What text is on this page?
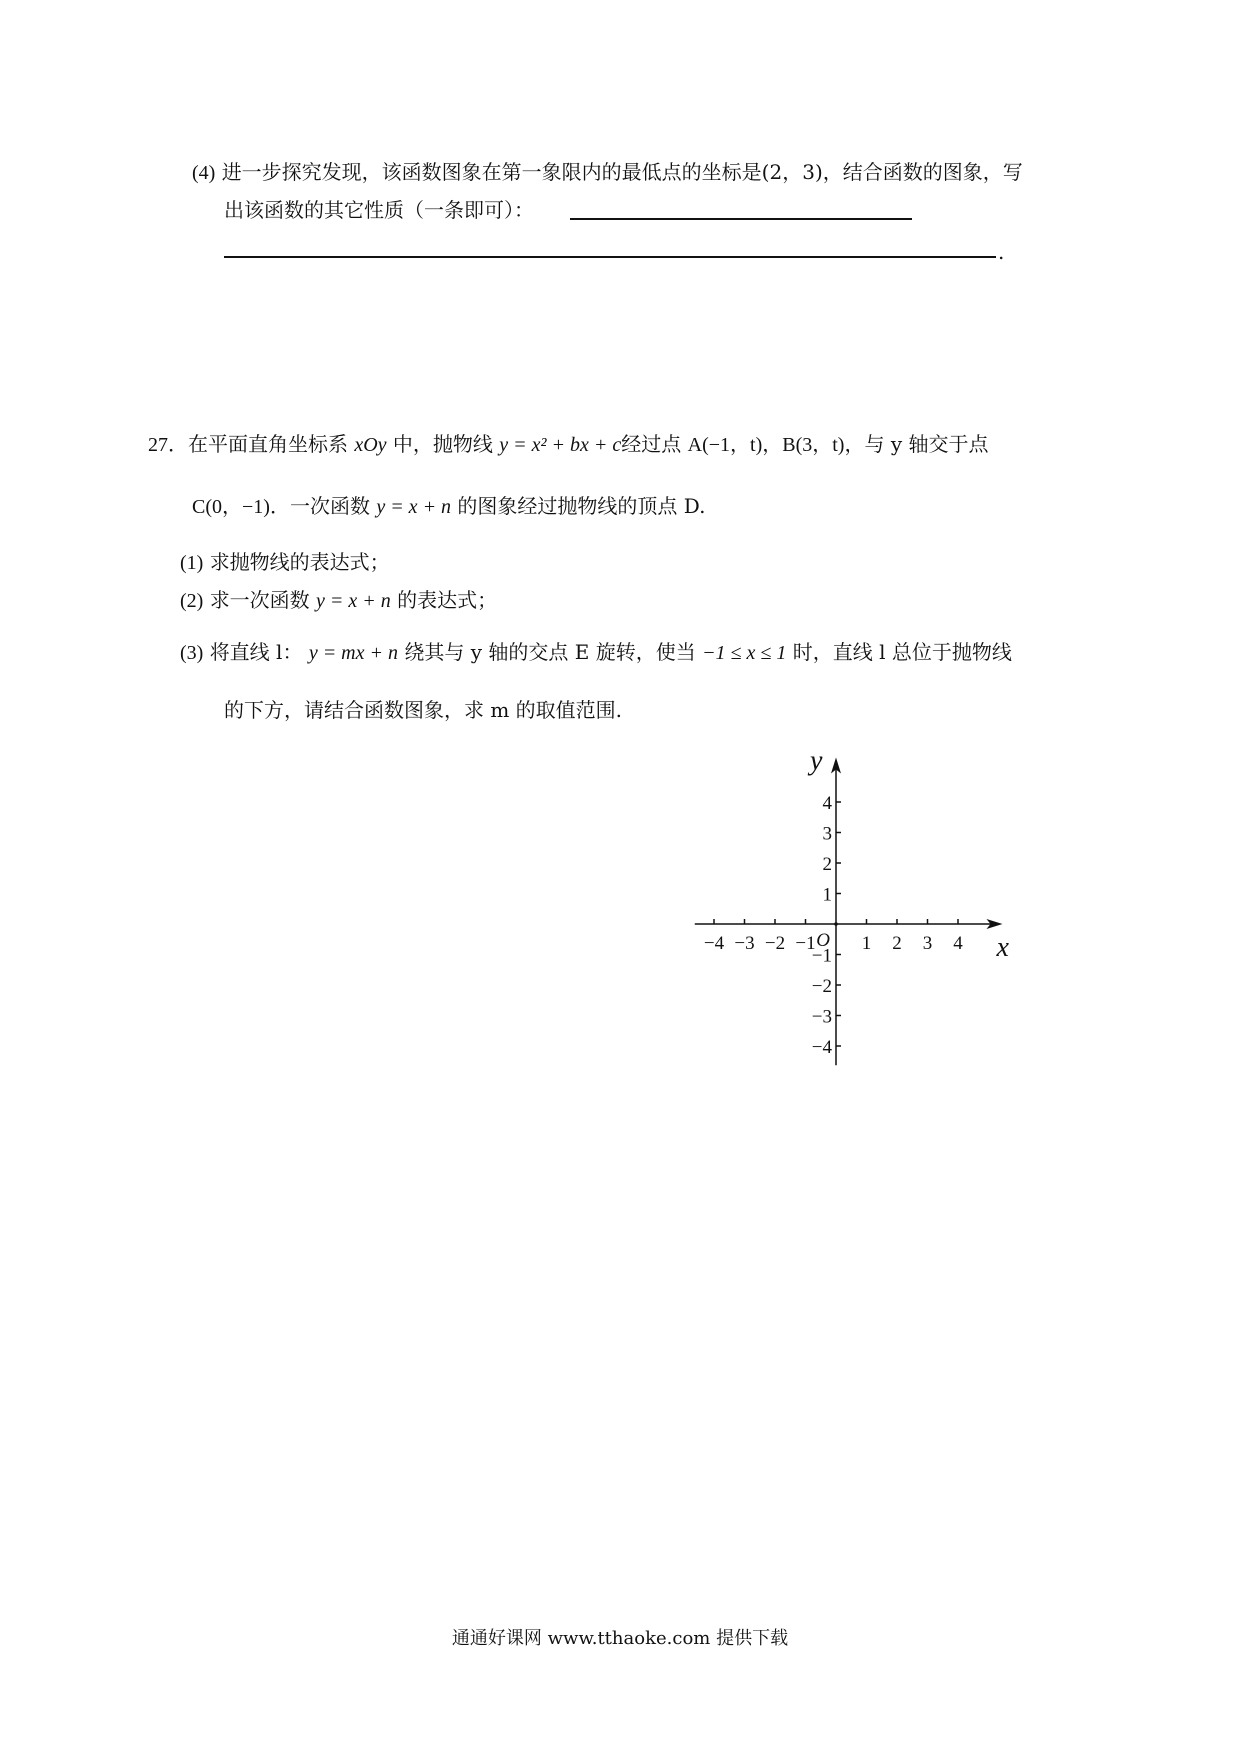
(4) 进一步探究发现，该函数图象在第一象限内的最低点的坐标是(2，3)，结合函数的图象，写
出该函数的其它性质（一条即可）：
.
27．在平面直角坐标系 xOy 中，抛物线 y = x² + bx + c经过点 A(−1，t)，B(3，t)，与 y 轴交于点
C(0，−1)．一次函数 y = x + n 的图象经过抛物线的顶点 D.
(1) 求抛物线的表达式；
(2) 求一次函数 y = x + n 的表达式；
(3) 将直线 l： y = mx + n 绕其与 y 轴的交点 E 旋转，使当 −1 ≤ x ≤ 1 时，直线 l 总位于抛物线
的下方，请结合函数图象，求 m 的取值范围.
−4 −3 −2 −1 1 2 3 4
4
3
2
1
−1
−2
−3
−4
O	x
y
通通好课网 www.tthaoke.com 提供下载
